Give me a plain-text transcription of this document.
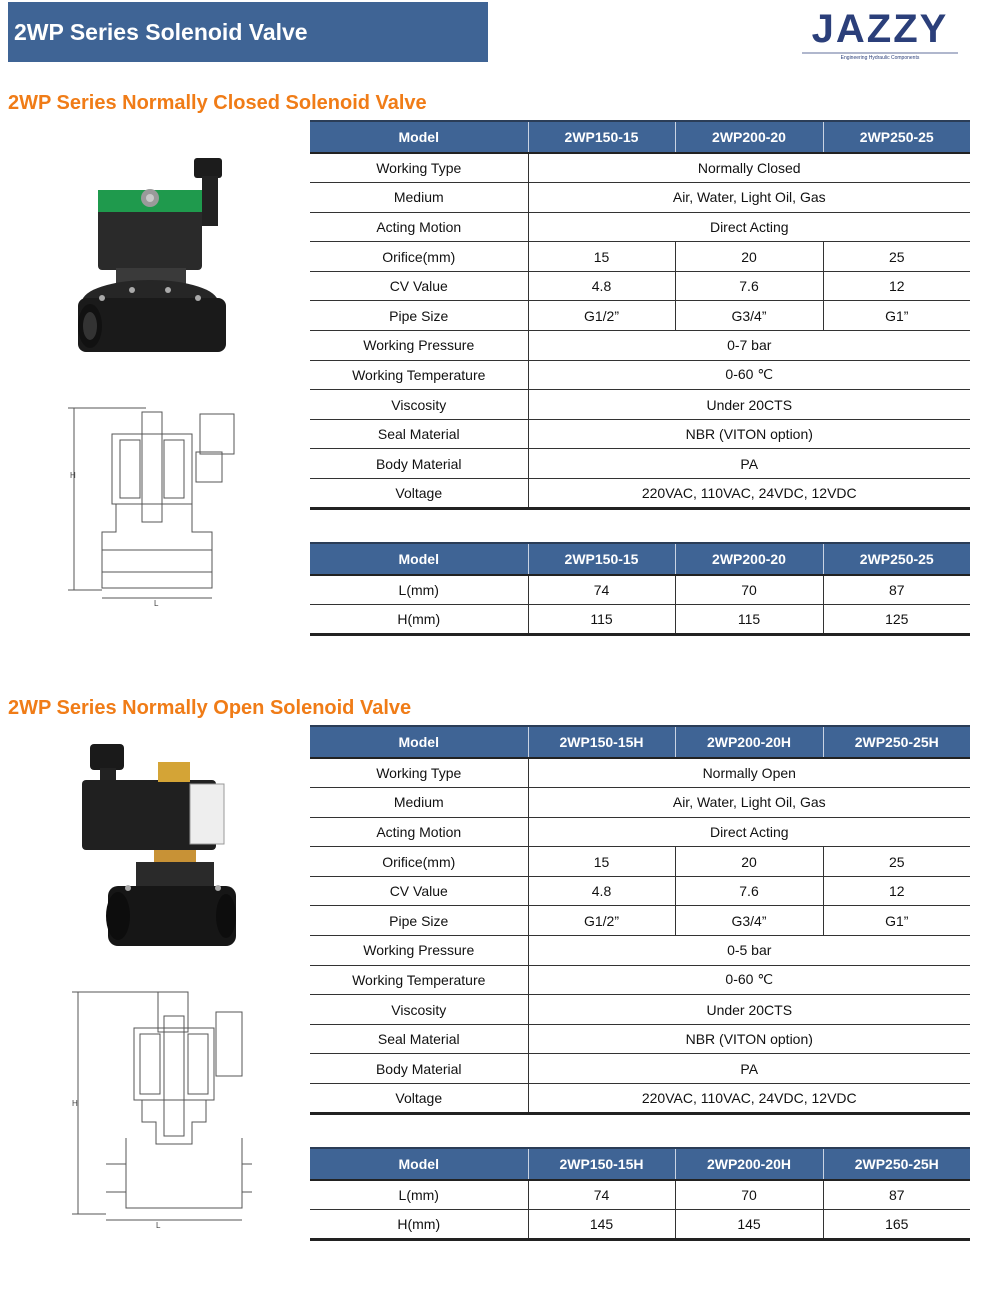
2WP Series Solenoid Valve	JAZZY
Engineering Hydraulic Components
2WP Series Normally Closed Solenoid Valve
H
L
Model	2WP150-15	2WP200-20	2WP250-25
Working Type	Normally Closed		
Medium	Air, Water, Light Oil, Gas		
Acting Motion	Direct Acting		
Orifice(mm)	15	20	25
CV Value	4.8	7.6	12
Pipe Size	G1/2”	G3/4”	G1”
Working Pressure	0-7 bar		
Working Temperature	0-60 ℃		
Viscosity	Under 20CTS		
Seal Material	NBR (VITON option)		
Body Material	PA		
Voltage	220VAC, 110VAC, 24VDC, 12VDC		
Model	2WP150-15	2WP200-20	2WP250-25
L(mm)	74	70	87
H(mm)	115	115	125
2WP Series Normally Open Solenoid Valve
H
L
Model	2WP150-15H	2WP200-20H	2WP250-25H
Working Type	Normally Open		
Medium	Air, Water, Light Oil, Gas		
Acting Motion	Direct Acting		
Orifice(mm)	15	20	25
CV Value	4.8	7.6	12
Pipe Size	G1/2”	G3/4”	G1”
Working Pressure	0-5 bar		
Working Temperature	0-60 ℃		
Viscosity	Under 20CTS		
Seal Material	NBR (VITON option)		
Body Material	PA		
Voltage	220VAC, 110VAC, 24VDC, 12VDC		
Model	2WP150-15H	2WP200-20H	2WP250-25H
L(mm)	74	70	87
H(mm)	145	145	165
